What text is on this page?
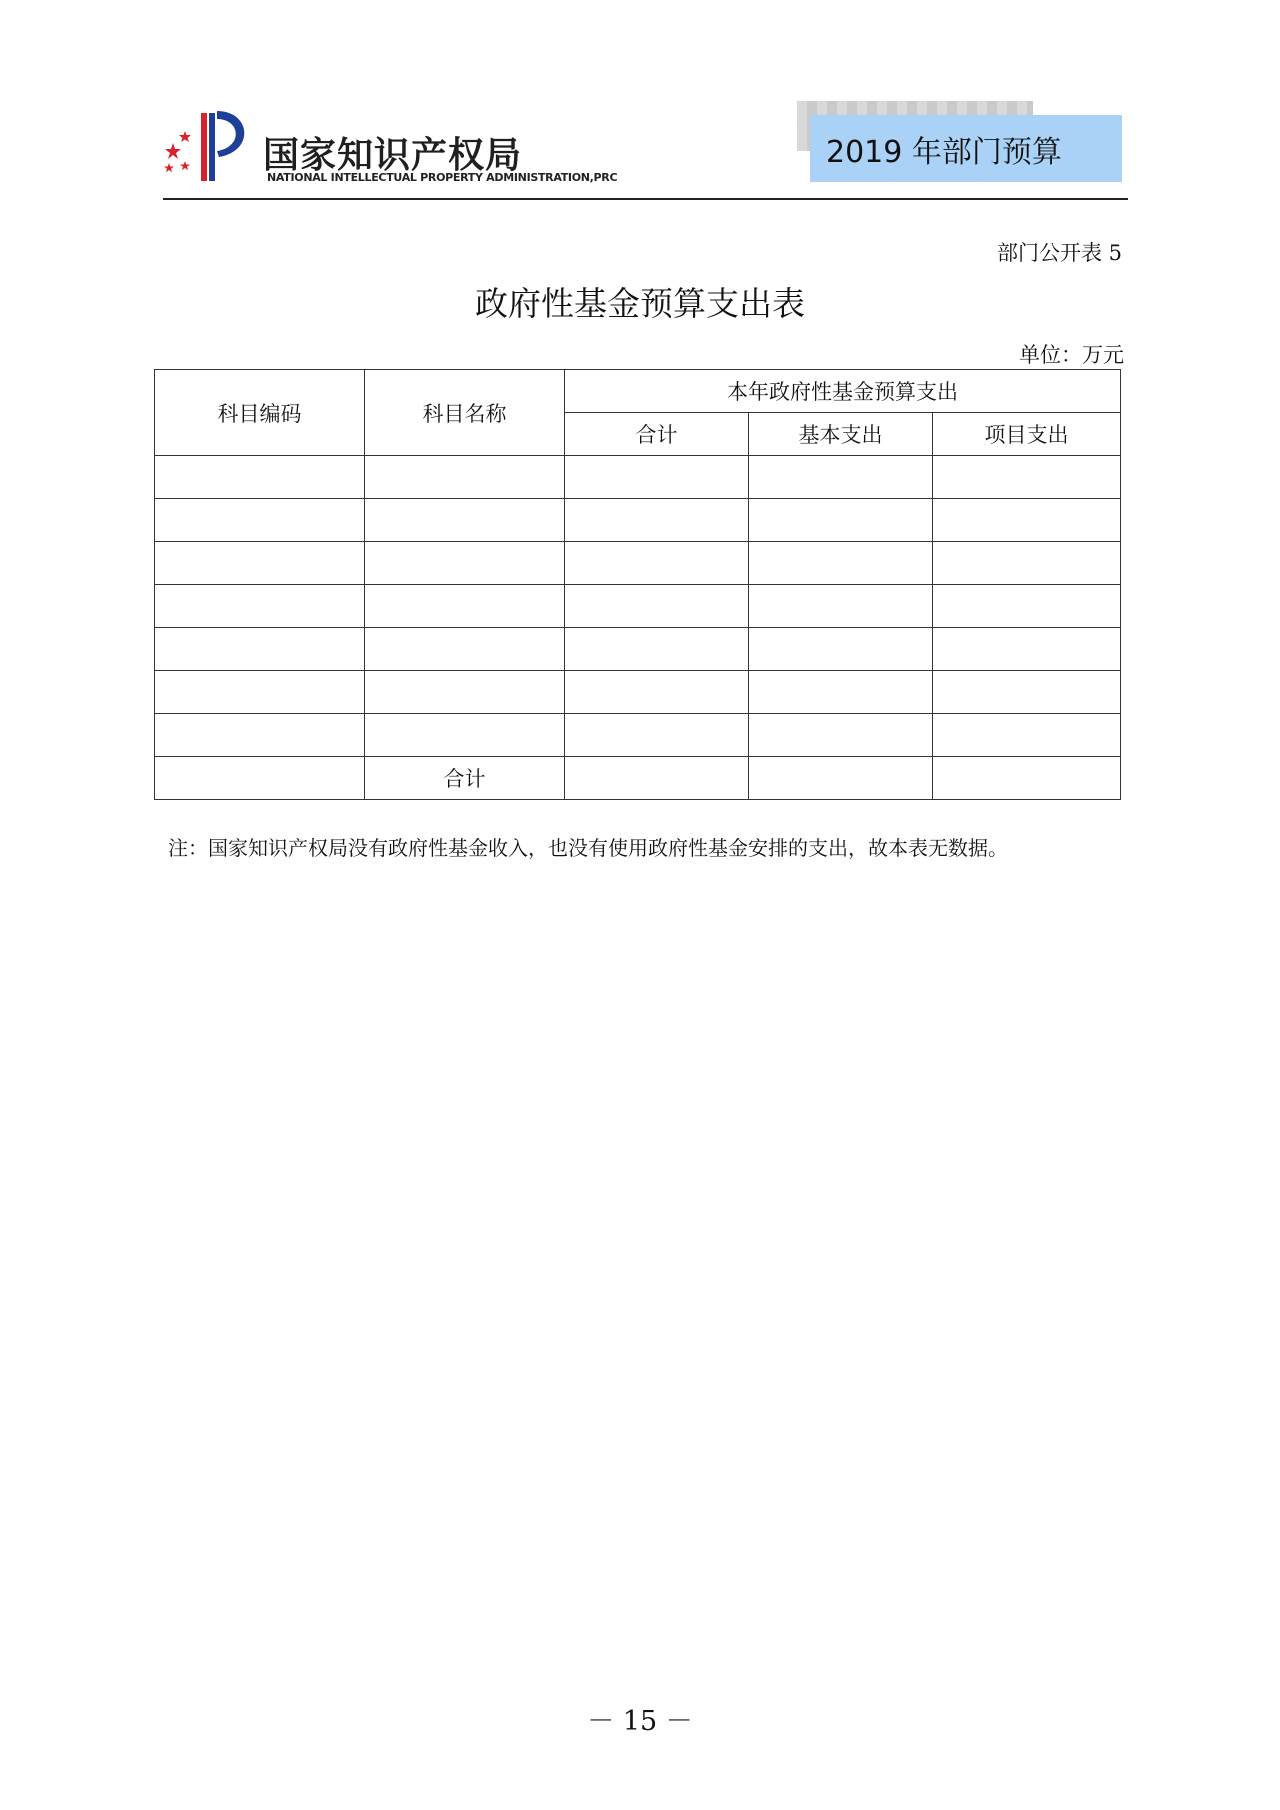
国家知识产权局
NATIONAL INTELLECTUAL PROPERTY ADMINISTRATION,PRC
2019 年部门预算
部门公开表 5
政府性基金预算支出表
单位：万元
科目编码	科目名称	本年政府性基金预算支出		
		合计	基本支出	项目支出

	合计			
注：国家知识产权局没有政府性基金收入，也没有使用政府性基金安排的支出，故本表无数据。
－ 15 －
